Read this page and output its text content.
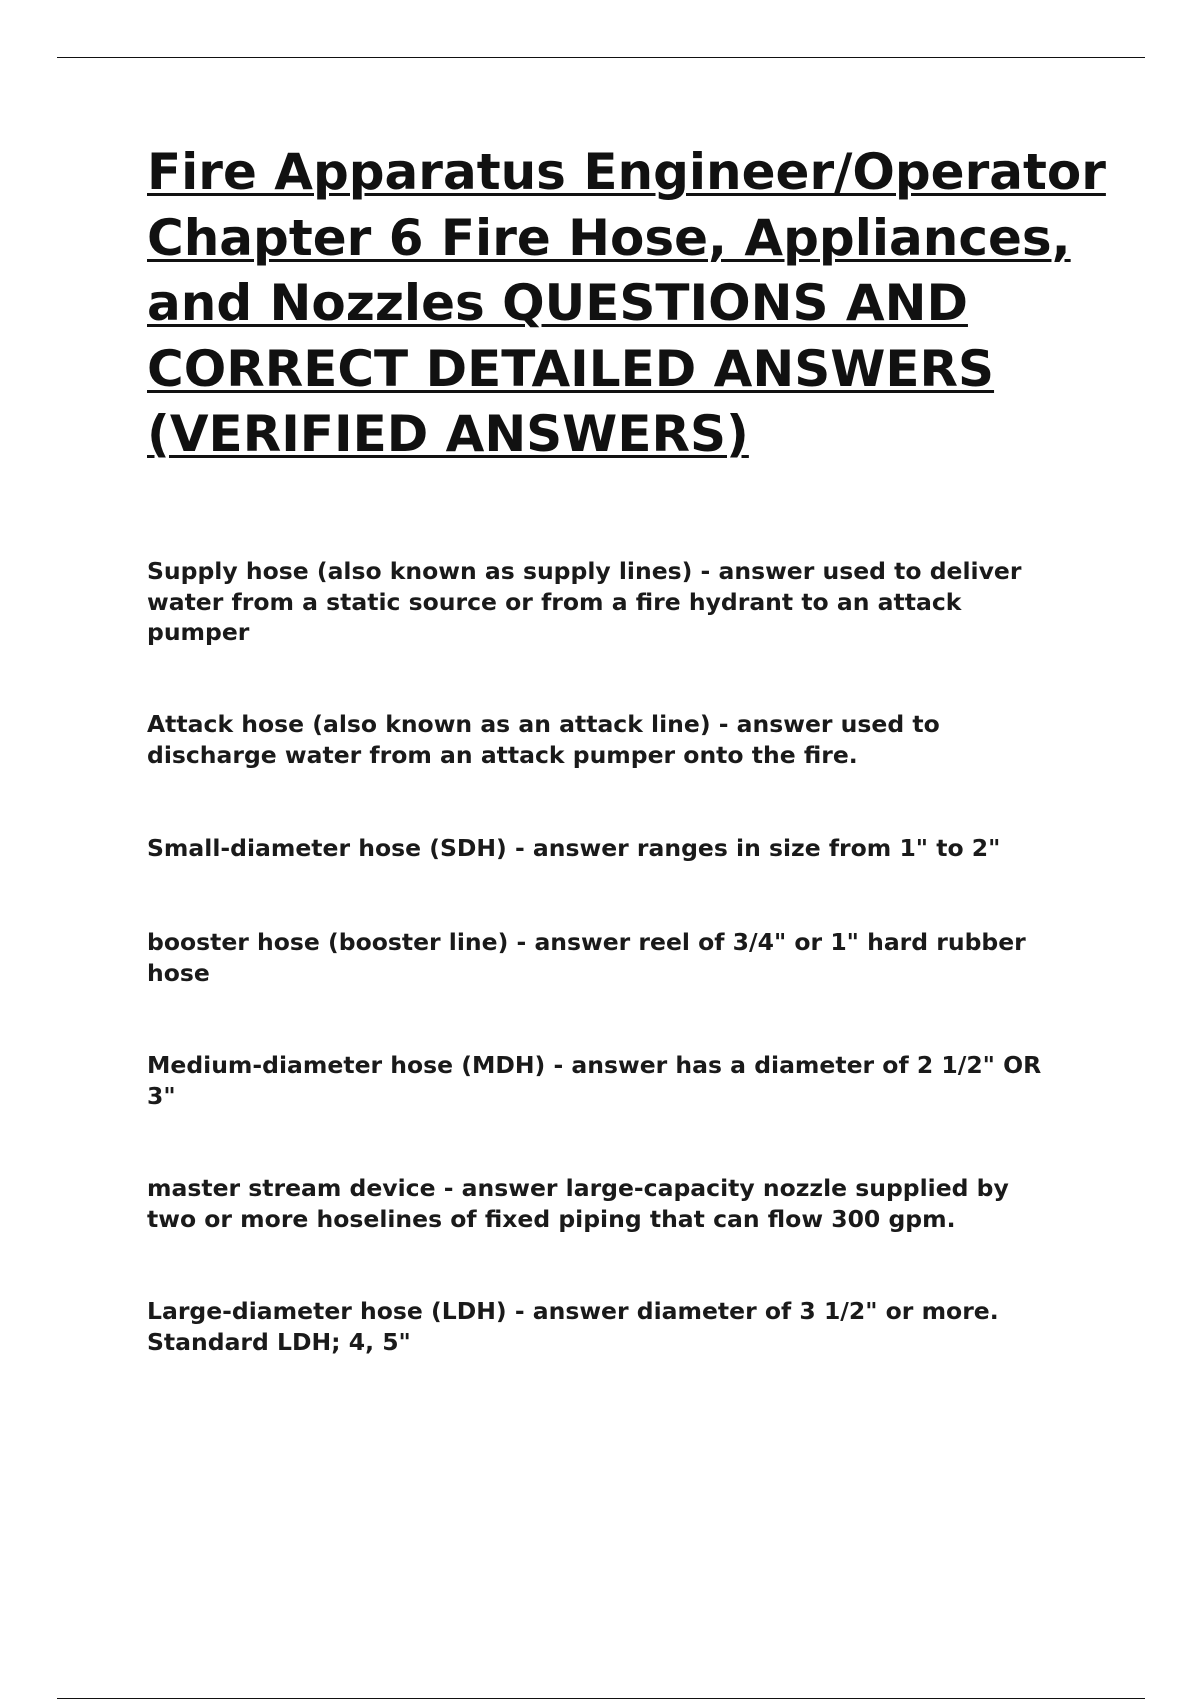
Fire Apparatus Engineer/Operator Chapter 6 Fire Hose, Appliances, and Nozzles QUESTIONS AND CORRECT DETAILED ANSWERS (VERIFIED ANSWERS)
Supply hose (also known as supply lines) - answer used to deliver
water from a static source or from a fire hydrant to an attack
pumper
Attack hose (also known as an attack line) - answer used to
discharge water from an attack pumper onto the fire.
Small-diameter hose (SDH) - answer ranges in size from 1" to 2"
booster hose (booster line) - answer reel of 3/4" or 1" hard rubber
hose
Medium-diameter hose (MDH) - answer has a diameter of 2 1/2" OR
3"
master stream device - answer large-capacity nozzle supplied by
two or more hoselines of fixed piping that can flow 300 gpm.
Large-diameter hose (LDH) - answer diameter of 3 1/2" or more.
Standard LDH; 4, 5"
